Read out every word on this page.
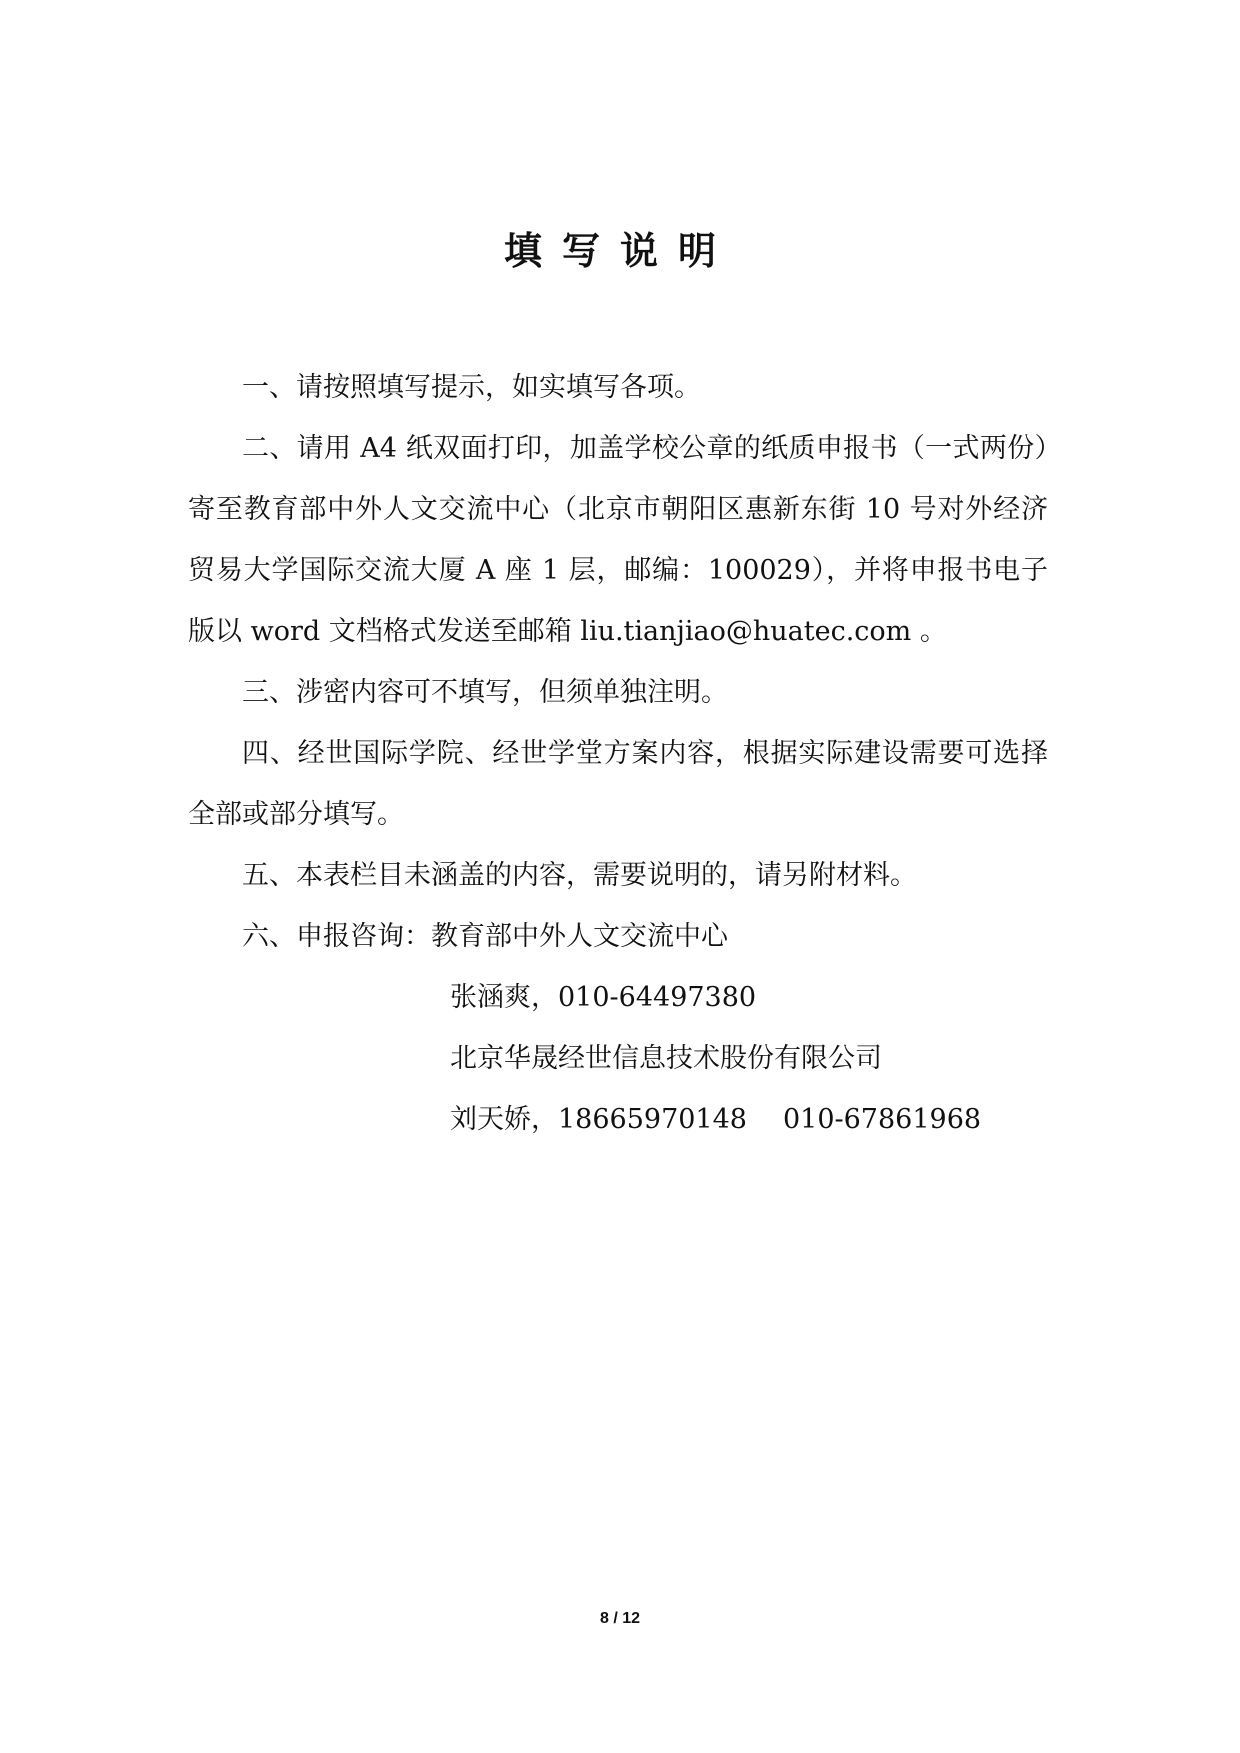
填写说明

一、请按照填写提示，如实填写各项。

二、请用 A4 纸双面打印，加盖学校公章的纸质申报书（一式两份）寄至教育部中外人文交流中心（北京市朝阳区惠新东街 10 号对外经济贸易大学国际交流大厦 A 座 1 层，邮编：100029），并将申报书电子版以 word 文档格式发送至邮箱 liu.tianjiao@huatec.com 。

三、涉密内容可不填写，但须单独注明。

四、经世国际学院、经世学堂方案内容，根据实际建设需要可选择全部或部分填写。

五、本表栏目未涵盖的内容，需要说明的，请另附材料。

六、申报咨询：教育部中外人文交流中心
张涵爽，010-64497380
北京华晟经世信息技术股份有限公司
刘天娇，18665970148 010-67861968
8 / 12
